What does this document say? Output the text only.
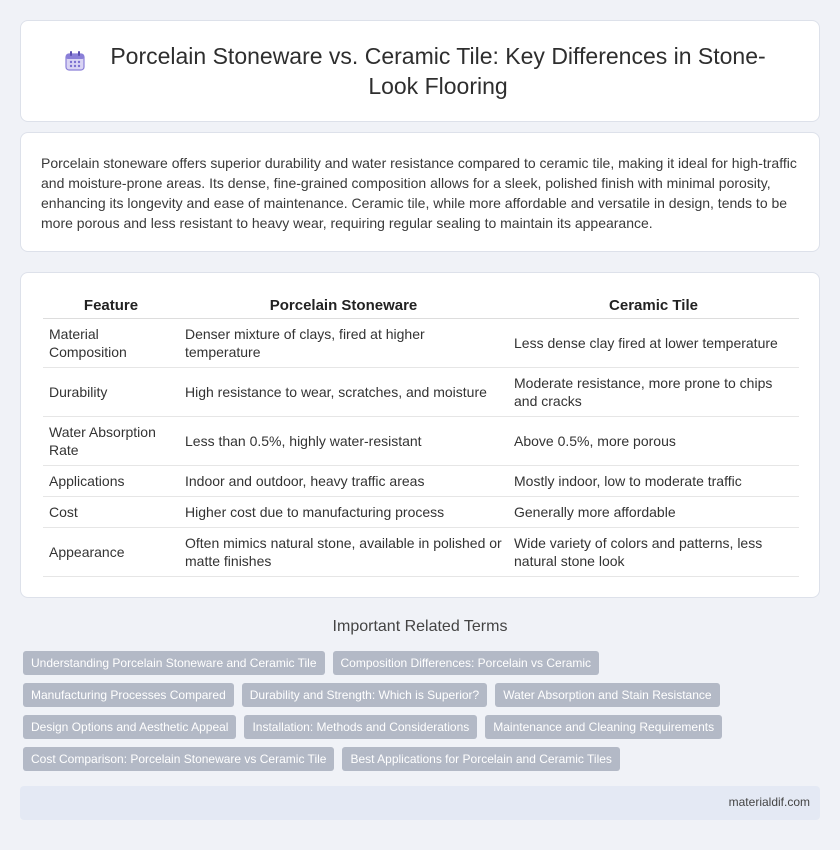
Porcelain Stoneware vs. Ceramic Tile: Key Differences in Stone-Look Flooring

Porcelain stoneware offers superior durability and water resistance compared to ceramic tile, making it ideal for high-traffic and moisture-prone areas. Its dense, fine-grained composition allows for a sleek, polished finish with minimal porosity, enhancing its longevity and ease of maintenance. Ceramic tile, while more affordable and versatile in design, tends to be more porous and less resistant to heavy wear, requiring regular sealing to maintain its appearance.

Feature	Porcelain Stoneware	Ceramic Tile
Material Composition	Denser mixture of clays, fired at higher temperature	Less dense clay fired at lower temperature
Durability	High resistance to wear, scratches, and moisture	Moderate resistance, more prone to chips and cracks
Water Absorption Rate	Less than 0.5%, highly water-resistant	Above 0.5%, more porous
Applications	Indoor and outdoor, heavy traffic areas	Mostly indoor, low to moderate traffic
Cost	Higher cost due to manufacturing process	Generally more affordable
Appearance	Often mimics natural stone, available in polished or matte finishes	Wide variety of colors and patterns, less natural stone look
Important Related Terms
Understanding Porcelain Stoneware and Ceramic Tile	Composition Differences: Porcelain vs Ceramic
Manufacturing Processes Compared	Durability and Strength: Which is Superior?	Water Absorption and Stain Resistance
Design Options and Aesthetic Appeal	Installation: Methods and Considerations	Maintenance and Cleaning Requirements
Cost Comparison: Porcelain Stoneware vs Ceramic Tile	Best Applications for Porcelain and Ceramic Tiles
materialdif.com
